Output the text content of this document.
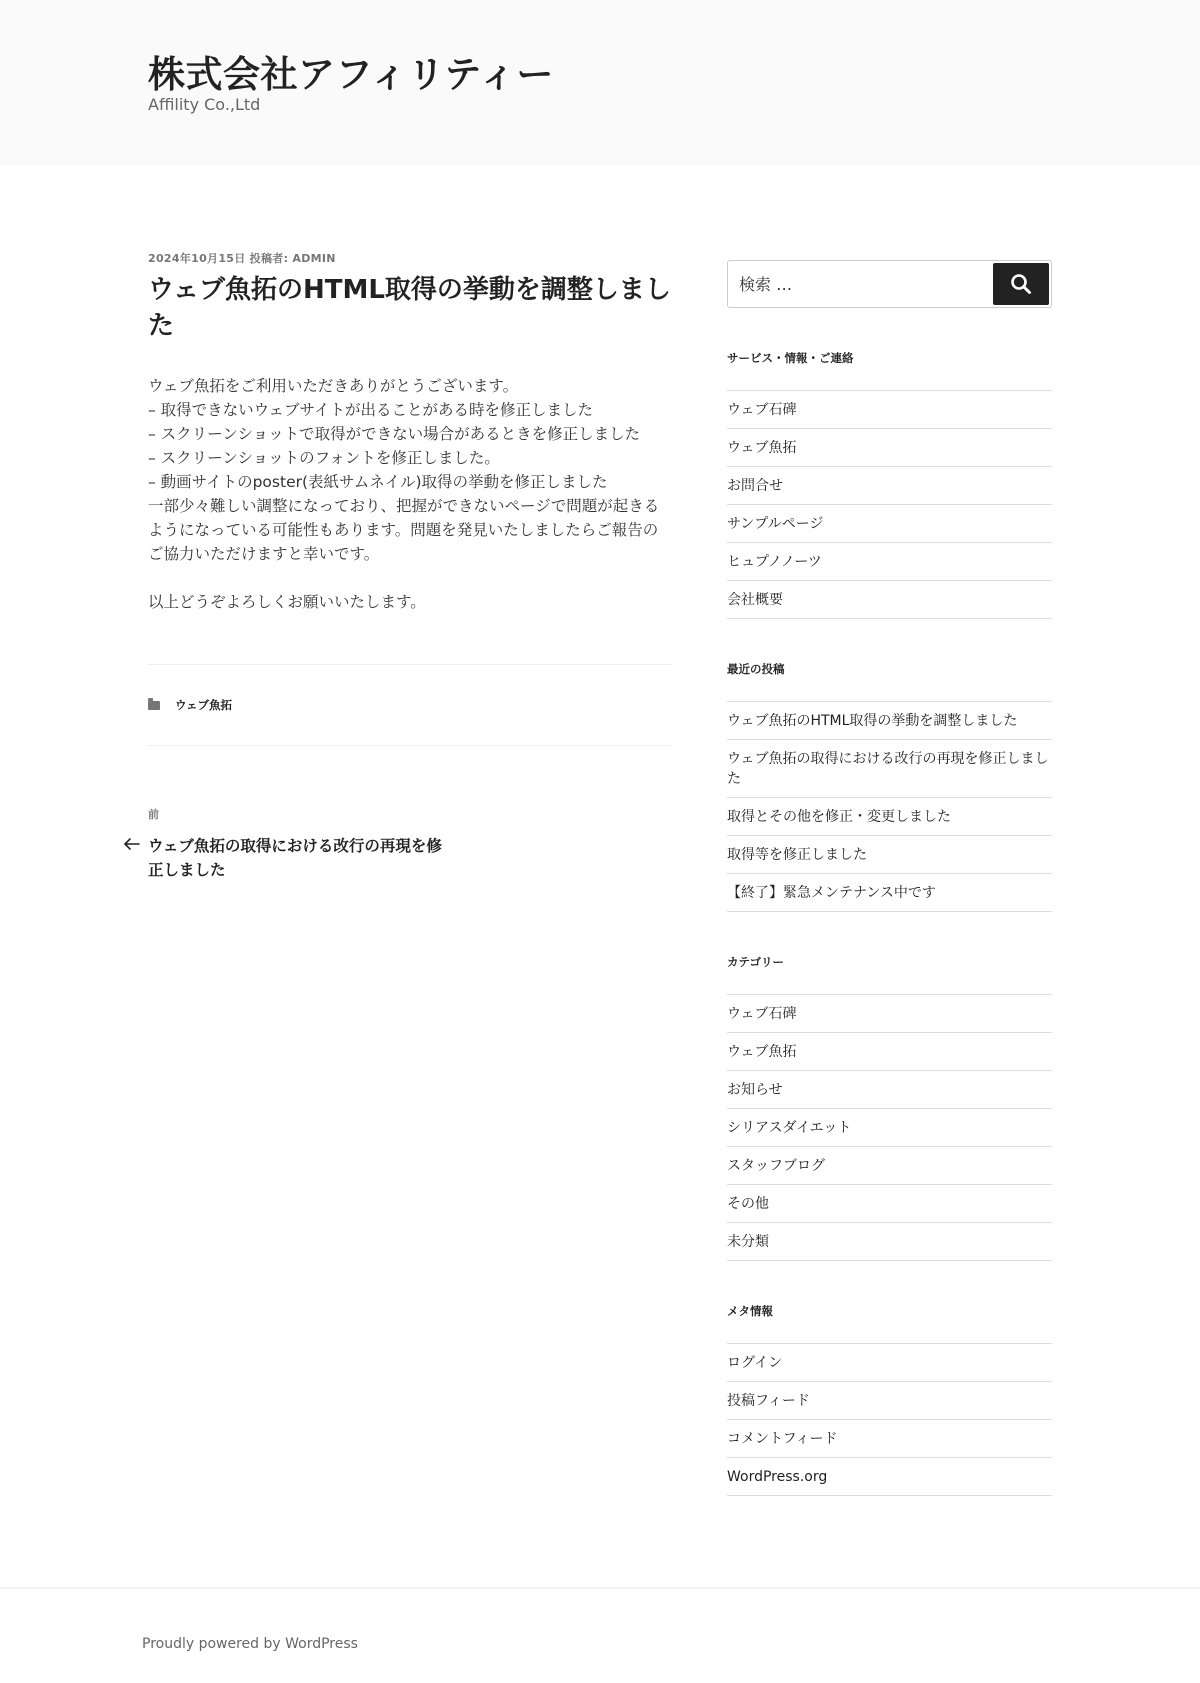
株式会社アフィリティー
Affility Co.,Ltd
2024年10月15日 投稿者: ADMIN
ウェブ魚拓のHTML取得の挙動を調整しました

ウェブ魚拓をご利用いただきありがとうございます。
– 取得できないウェブサイトが出ることがある時を修正しました
– スクリーンショットで取得ができない場合があるときを修正しました
– スクリーンショットのフォントを修正しました。
– 動画サイトのposter(表紙サムネイル)取得の挙動を修正しました
一部少々難しい調整になっており、把握ができないページで問題が起きるようになっている可能性もあります。問題を発見いたしましたらご報告のご協力いただけますと幸いです。

以上どうぞよろしくお願いいたします。

ウェブ魚拓
前
ウェブ魚拓の取得における改行の再現を修正しました
検索 …
サービス・情報・ご連絡
ウェブ石碑
ウェブ魚拓
お問合せ
サンプルページ
ヒュプノノーツ
会社概要
最近の投稿
ウェブ魚拓のHTML取得の挙動を調整しました
ウェブ魚拓の取得における改行の再現を修正しました
取得とその他を修正・変更しました
取得等を修正しました
【終了】緊急メンテナンス中です
カテゴリー
ウェブ石碑
ウェブ魚拓
お知らせ
シリアスダイエット
スタッフブログ
その他
未分類
メタ情報
ログイン
投稿フィード
コメントフィード
WordPress.org
Proudly powered by WordPress
